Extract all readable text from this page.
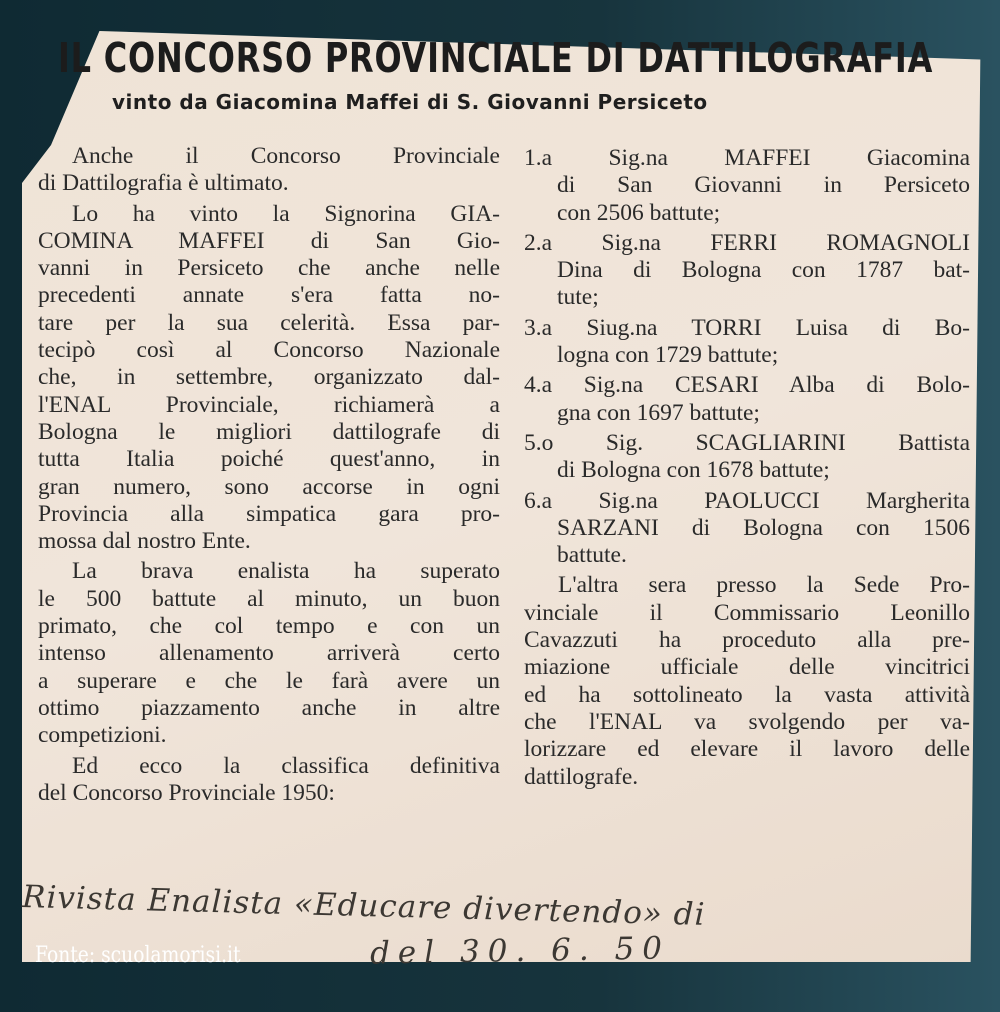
IL CONCORSO PROVINCIALE DI DATTILOGRAFIA
vinto da Giacomina Maffei di S. Giovanni Persiceto
Anche il Concorso Provinciale
di Dattilografia è ultimato.
Lo ha vinto la Signorina GIA-
COMINA MAFFEI di San Gio-
vanni in Persiceto che anche nelle
precedenti annate s'era fatta no-
tare per la sua celerità. Essa par-
tecipò così al Concorso Nazionale
che, in settembre, organizzato dal-
l'ENAL Provinciale, richiamerà a
Bologna le migliori dattilografe di
tutta Italia poiché quest'anno, in
gran numero, sono accorse in ogni
Provincia alla simpatica gara pro-
mossa dal nostro Ente.
La brava enalista ha superato
le 500 battute al minuto, un buon
primato, che col tempo e con un
intenso allenamento arriverà certo
a superare e che le farà avere un
ottimo piazzamento anche in altre
competizioni.
Ed ecco la classifica definitiva
del Concorso Provinciale 1950:
1.a Sig.na MAFFEI Giacomina
di San Giovanni in Persiceto
con 2506 battute;
2.a Sig.na FERRI ROMAGNOLI
Dina di Bologna con 1787 bat-
tute;
3.a Siug.na TORRI Luisa di Bo-
logna con 1729 battute;
4.a Sig.na CESARI Alba di Bolo-
gna con 1697 battute;
5.o Sig. SCAGLIARINI Battista
di Bologna con 1678 battute;
6.a Sig.na PAOLUCCI Margherita
SARZANI di Bologna con 1506
battute.
L'altra sera presso la Sede Pro-
vinciale il Commissario Leonillo
Cavazzuti ha proceduto alla pre-
miazione ufficiale delle vincitrici
ed ha sottolineato la vasta attività
che l'ENAL va svolgendo per va-
lorizzare ed elevare il lavoro delle
dattilografe.
Rivista Enalista «Educare divertendo» di
del 30. 6. 50
Fonte: scuolamorisi.it
